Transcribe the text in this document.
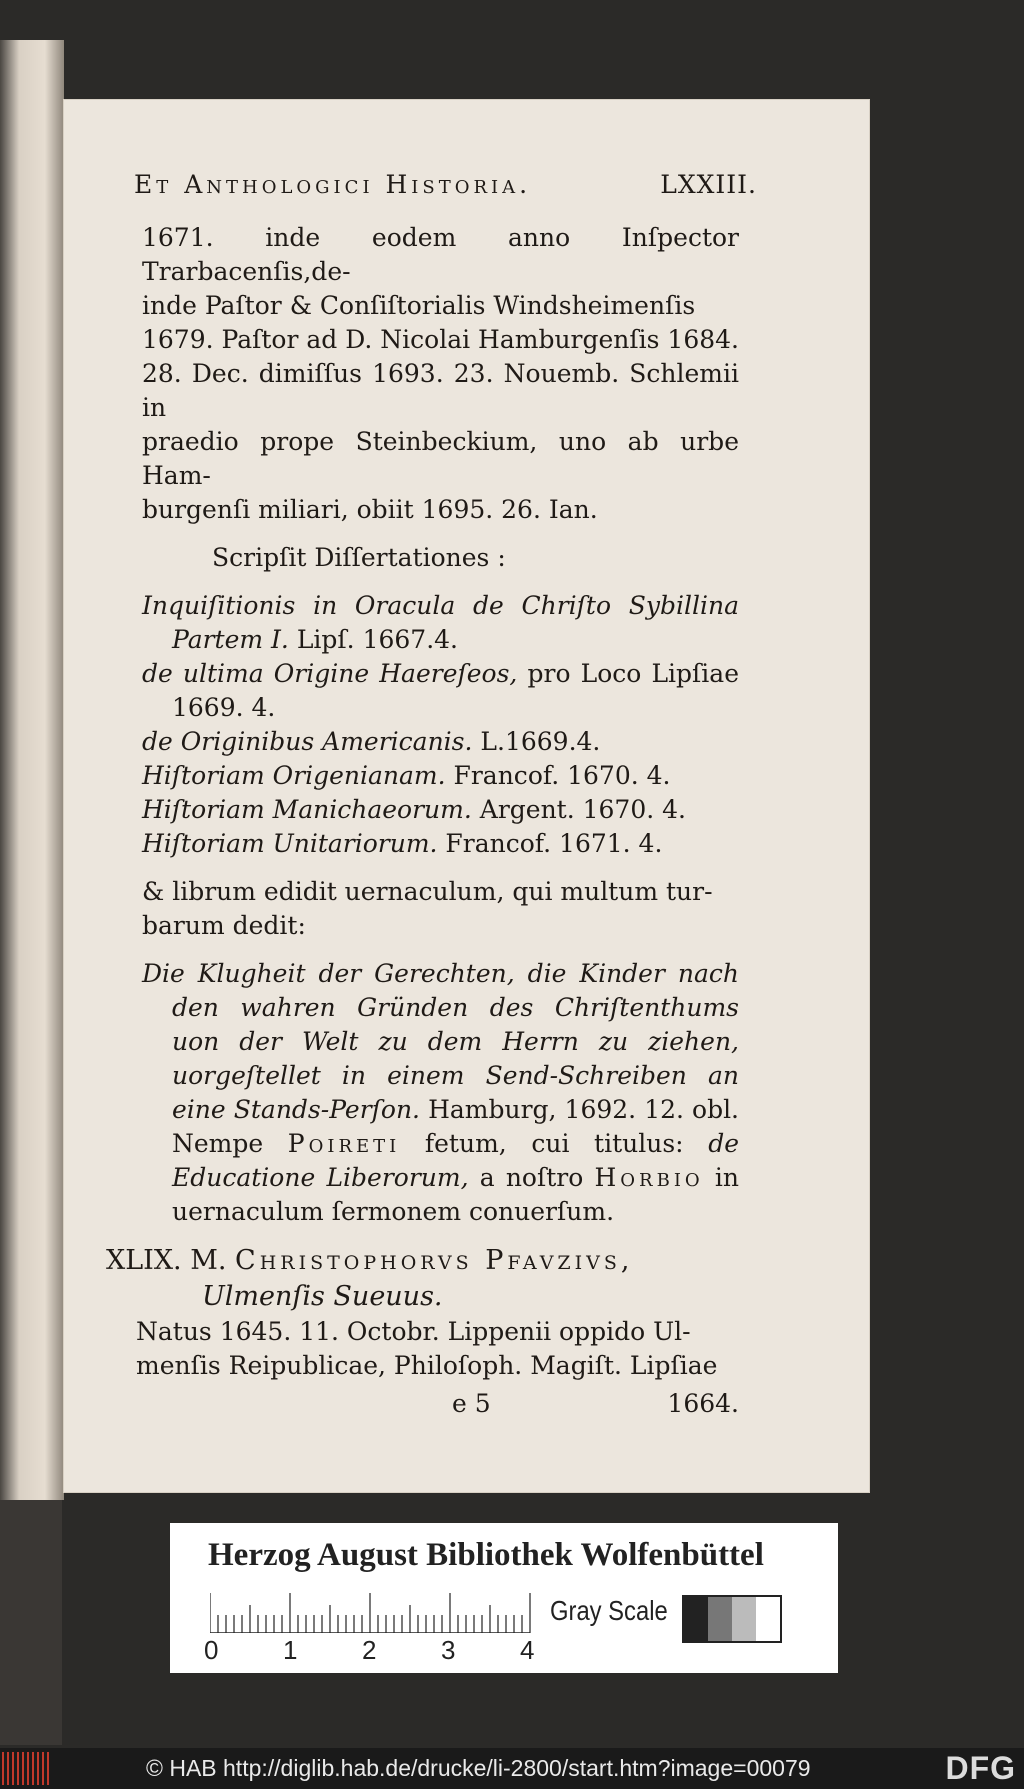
Et Anthologici Historia.	LXXIII.

1671. inde eodem anno Inſpector Trarbacenſis,de-

inde Paſtor & Conſiſtorialis Windsheimenſis

1679. Paſtor ad D. Nicolai Hamburgenſis 1684.

28. Dec. dimiſſus 1693. 23. Nouemb. Schlemii in

praedio prope Steinbeckium, uno ab urbe Ham-

burgenſi miliari, obiit 1695. 26. Ian.

Scripſit Diſſertationes :

Inquiſitionis in Oracula de Chriſto Sybillina Partem I. Lipſ. 1667.4.

de ultima Origine Haereſeos, pro Loco Lipſiae 1669. 4.

de Originibus Americanis. L.1669.4.

Hiſtoriam Origenianam. Francof. 1670. 4.

Hiſtoriam Manichaeorum. Argent. 1670. 4.

Hiſtoriam Unitariorum. Francof. 1671. 4.

& librum edidit uernaculum, qui multum tur-

barum dedit:

Die Klugheit der Gerechten, die Kinder nach den wahren Gründen des Chriſtenthums uon der Welt zu dem Herrn zu ziehen, uorgeſtellet in einem Send-Schreiben an eine Stands-Perſon. Hamburg, 1692. 12. obl. Nempe Poireti fetum, cui titulus: de Educatione Liberorum, a noſtro Horbio in uernaculum ſermonem conuerſum.

XLIX. M. Christophorvs Pfavzivs,
Ulmenſis Sueuus.

Natus 1645. 11. Octobr. Lippenii oppido Ul-

menſis Reipublicae, Philoſoph. Magiſt. Lipſiae

e 5	1664.
Herzog August Bibliothek Wolfenbüttel
0 1 2 3 4
Gray Scale
© HAB http://diglib.hab.de/drucke/li-2800/start.htm?image=00079	DFG
